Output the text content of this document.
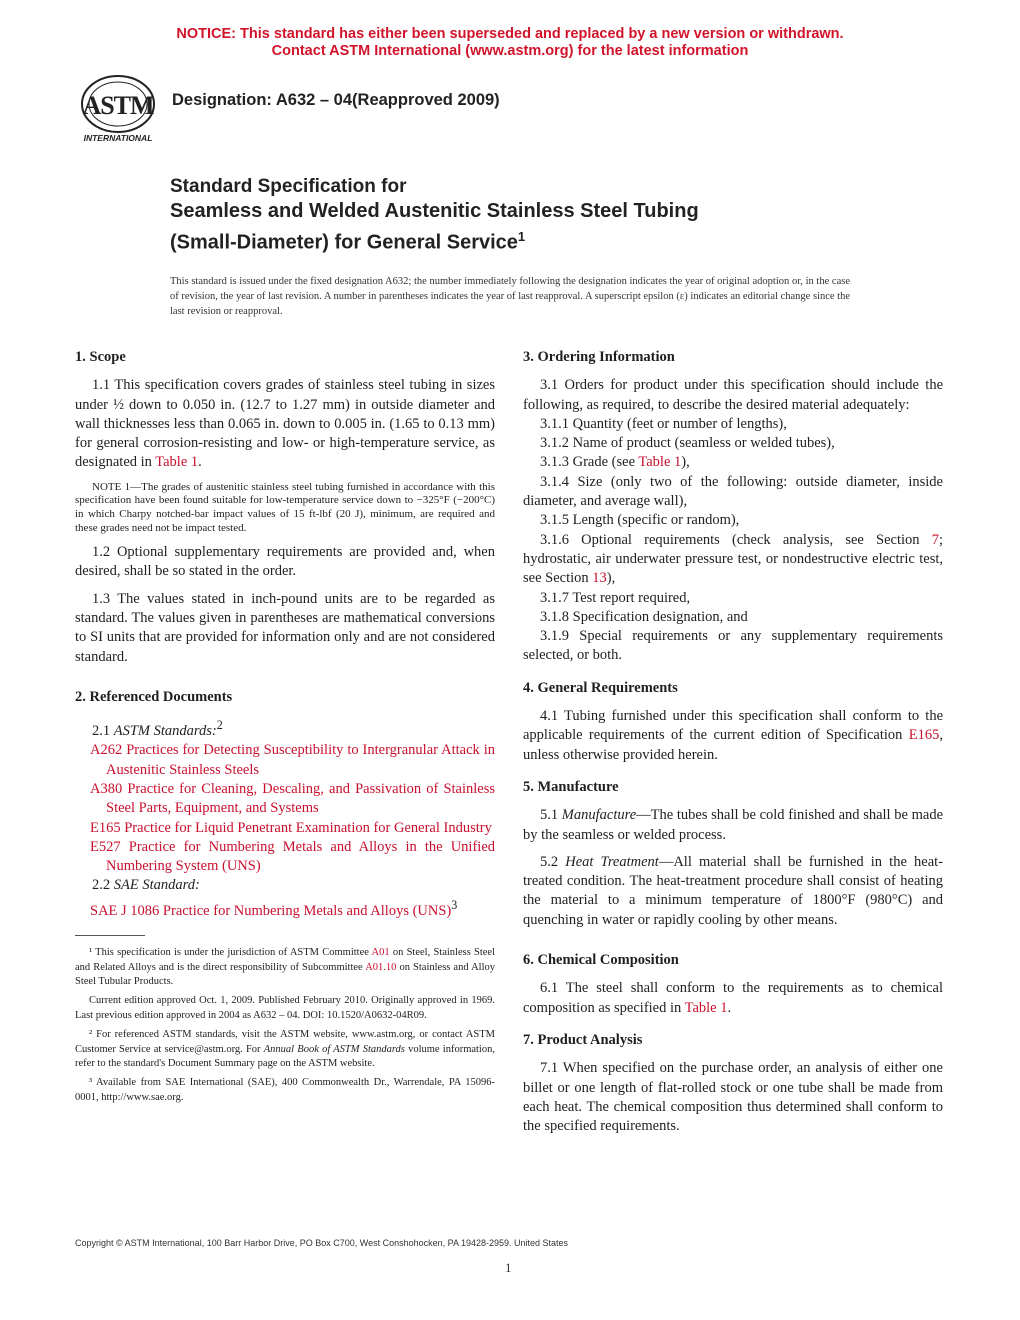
NOTICE: This standard has either been superseded and replaced by a new version or withdrawn.
Contact ASTM International (www.astm.org) for the latest information
ASTM
INTERNATIONAL
Designation: A632 – 04(Reapproved 2009)
Standard Specification for
Seamless and Welded Austenitic Stainless Steel Tubing
(Small-Diameter) for General Service$^1$
This standard is issued under the fixed designation A632; the number immediately following the designation indicates the year of original adoption or, in the case of revision, the year of last revision. A number in parentheses indicates the year of last reapproval. A superscript epsilon (ε) indicates an editorial change since the last revision or reapproval.
1. Scope
1.1 This specification covers grades of stainless steel tubing in sizes under ½ down to 0.050 in. (12.7 to 1.27 mm) in outside diameter and wall thicknesses less than 0.065 in. down to 0.005 in. (1.65 to 0.13 mm) for general corrosion-resisting and low- or high-temperature service, as designated in Table 1.
NOTE 1—The grades of austenitic stainless steel tubing furnished in accordance with this specification have been found suitable for low-temperature service down to −325°F (−200°C) in which Charpy notched-bar impact values of 15 ft-lbf (20 J), minimum, are required and these grades need not be impact tested.
1.2 Optional supplementary requirements are provided and, when desired, shall be so stated in the order.
1.3 The values stated in inch-pound units are to be regarded as standard. The values given in parentheses are mathematical conversions to SI units that are provided for information only and are not considered standard.
2. Referenced Documents
2.1 ASTM Standards:$^2$
A262 Practices for Detecting Susceptibility to Intergranular Attack in Austenitic Stainless Steels
A380 Practice for Cleaning, Descaling, and Passivation of Stainless Steel Parts, Equipment, and Systems
E165 Practice for Liquid Penetrant Examination for General Industry
E527 Practice for Numbering Metals and Alloys in the Unified Numbering System (UNS)
2.2 SAE Standard:
SAE J 1086 Practice for Numbering Metals and Alloys (UNS)$^3$
¹ This specification is under the jurisdiction of ASTM Committee A01 on Steel, Stainless Steel and Related Alloys and is the direct responsibility of Subcommittee A01.10 on Stainless and Alloy Steel Tubular Products.
Current edition approved Oct. 1, 2009. Published February 2010. Originally approved in 1969. Last previous edition approved in 2004 as A632 – 04. DOI: 10.1520/A0632-04R09.
² For referenced ASTM standards, visit the ASTM website, www.astm.org, or contact ASTM Customer Service at service@astm.org. For Annual Book of ASTM Standards volume information, refer to the standard's Document Summary page on the ASTM website.
³ Available from SAE International (SAE), 400 Commonwealth Dr., Warrendale, PA 15096-0001, http://www.sae.org.
3. Ordering Information
3.1 Orders for product under this specification should include the following, as required, to describe the desired material adequately:
3.1.1 Quantity (feet or number of lengths),
3.1.2 Name of product (seamless or welded tubes),
3.1.3 Grade (see Table 1),
3.1.4 Size (only two of the following: outside diameter, inside diameter, and average wall),
3.1.5 Length (specific or random),
3.1.6 Optional requirements (check analysis, see Section 7; hydrostatic, air underwater pressure test, or nondestructive electric test, see Section 13),
3.1.7 Test report required,
3.1.8 Specification designation, and
3.1.9 Special requirements or any supplementary requirements selected, or both.
4. General Requirements
4.1 Tubing furnished under this specification shall conform to the applicable requirements of the current edition of Specification E165, unless otherwise provided herein.
5. Manufacture
5.1 Manufacture—The tubes shall be cold finished and shall be made by the seamless or welded process.
5.2 Heat Treatment—All material shall be furnished in the heat-treated condition. The heat-treatment procedure shall consist of heating the material to a minimum temperature of 1800°F (980°C) and quenching in water or rapidly cooling by other means.
6. Chemical Composition
6.1 The steel shall conform to the requirements as to chemical composition as specified in Table 1.
7. Product Analysis
7.1 When specified on the purchase order, an analysis of either one billet or one length of flat-rolled stock or one tube shall be made from each heat. The chemical composition thus determined shall conform to the specified requirements.
Copyright © ASTM International, 100 Barr Harbor Drive, PO Box C700, West Conshohocken, PA 19428-2959. United States
1
